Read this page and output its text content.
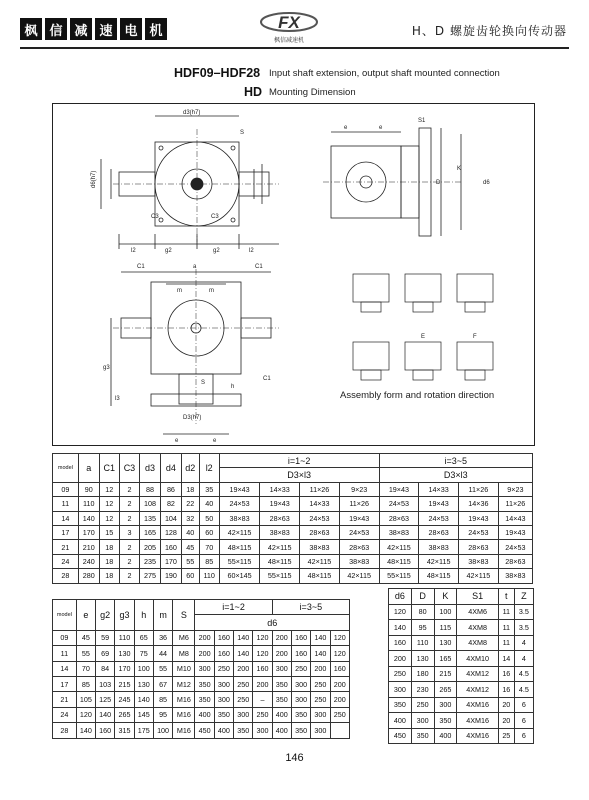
枫 信 减 速 电 机	FX
枫信减速机
H、D 螺旋齿轮换向传动器
HDF09–HDF28 Input shaft extension, output shaft mounted connection
HD Mounting Dimension
d3(h7)
S
C3	C3
l2	g2	g2	l2
d6(h7)
e	e
S1
D
K
d6
C1	a	C1
m	m
S
D3(h7)
e	e
g3
l3
h
C1
E	F
Assembly form and rotation direction
model	a	C1	C3	d3	d4	d2	l2	i=1~2				i=3~5			
								D3×l3				D3×l3			
09	90	12	2	88	86	18	35	19×43	14×33	11×26	9×23	19×43	14×33	11×26	9×23
11	110	12	2	108	82	22	40	24×53	19×43	14×33	11×26	24×53	19×43	14×36	11×26
14	140	12	2	135	104	32	50	38×83	28×63	24×53	19×43	28×63	24×53	19×43	14×43
17	170	15	3	165	128	40	60	42×115	38×83	28×63	24×53	38×83	28×63	24×53	19×43
21	210	18	2	205	160	45	70	48×115	42×115	38×83	28×63	42×115	38×83	28×63	24×53
24	240	18	2	235	170	55	85	55×115	48×115	42×115	38×83	48×115	42×115	38×83	28×63
28	280	18	2	275	190	60	110	60×145	55×115	48×115	42×115	55×115	48×115	42×115	38×83
model	e	g2	g3	h	m	S	i=1~2				i=3~5			
							d6							
09	45	59	110	65	36	M6	200	160	140	120	200	160	140	120
11	55	69	130	75	44	M8	200	160	140	120	200	160	140	120
14	70	84	170	100	55	M10	300	250	200	160	300	250	200	160
17	85	103	215	130	67	M12	350	300	250	200	350	300	250	200
21	105	125	245	140	85	M16	350	300	250	–	350	300	250	200
24	120	140	265	145	95	M16	400	350	300	250	400	350	300	250
28	140	160	315	175	100	M16	450	400	350	300	400	350	300	
d6	D	K	S1	t	Z
120	80	100	4XM6	11	3.5
140	95	115	4XM8	11	3.5
160	110	130	4XM8	11	4
200	130	165	4XM10	14	4
250	180	215	4XM12	16	4.5
300	230	265	4XM12	16	4.5
350	250	300	4XM16	20	6
400	300	350	4XM16	20	6
450	350	400	4XM16	25	6
146
